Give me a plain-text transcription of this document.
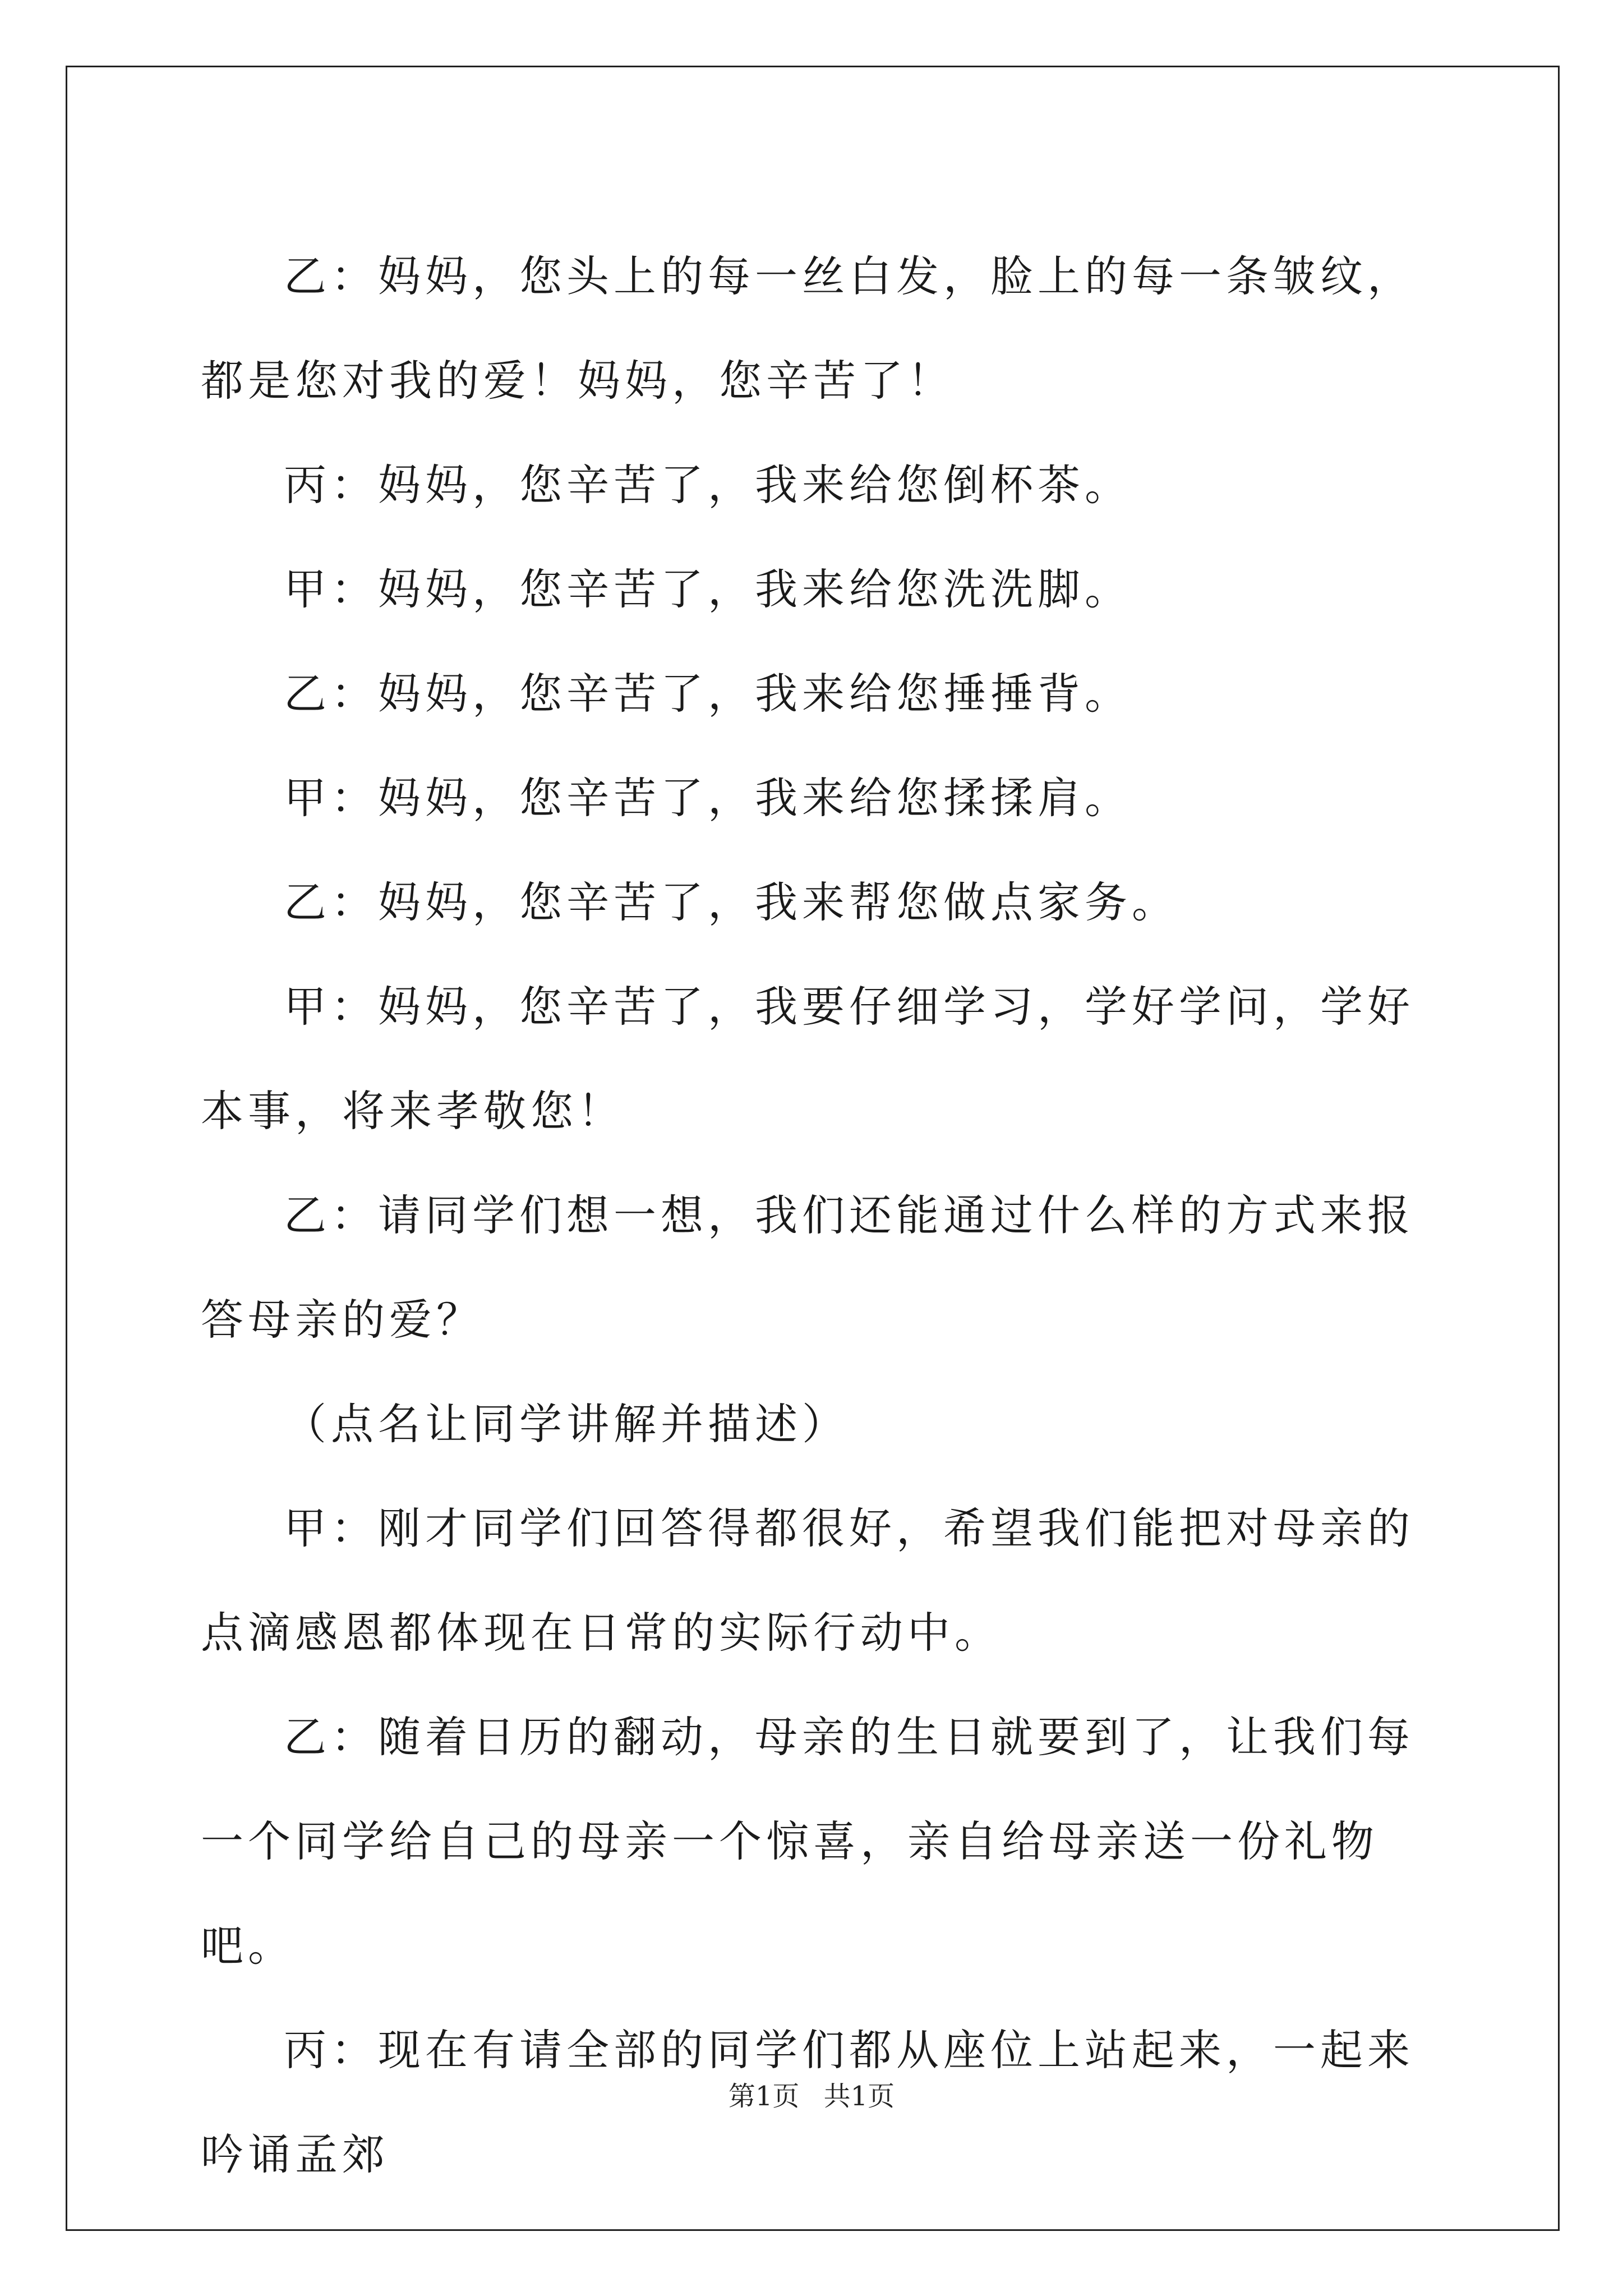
乙：妈妈，您头上的每一丝白发，脸上的每一条皱纹，都是您对我的爱！妈妈，您辛苦了！

丙：妈妈，您辛苦了，我来给您倒杯茶。

甲：妈妈，您辛苦了，我来给您洗洗脚。

乙：妈妈，您辛苦了，我来给您捶捶背。

甲：妈妈，您辛苦了，我来给您揉揉肩。

乙：妈妈，您辛苦了，我来帮您做点家务。

甲：妈妈，您辛苦了，我要仔细学习，学好学问，学好本事，将来孝敬您！

乙：请同学们想一想，我们还能通过什么样的方式来报答母亲的爱？

（点名让同学讲解并描述）

甲：刚才同学们回答得都很好，希望我们能把对母亲的点滴感恩都体现在日常的实际行动中。

乙：随着日历的翻动，母亲的生日就要到了，让我们每一个同学给自己的母亲一个惊喜，亲自给母亲送一份礼物吧。

丙：现在有请全部的同学们都从座位上站起来，一起来吟诵孟郊

第1页 共1页
